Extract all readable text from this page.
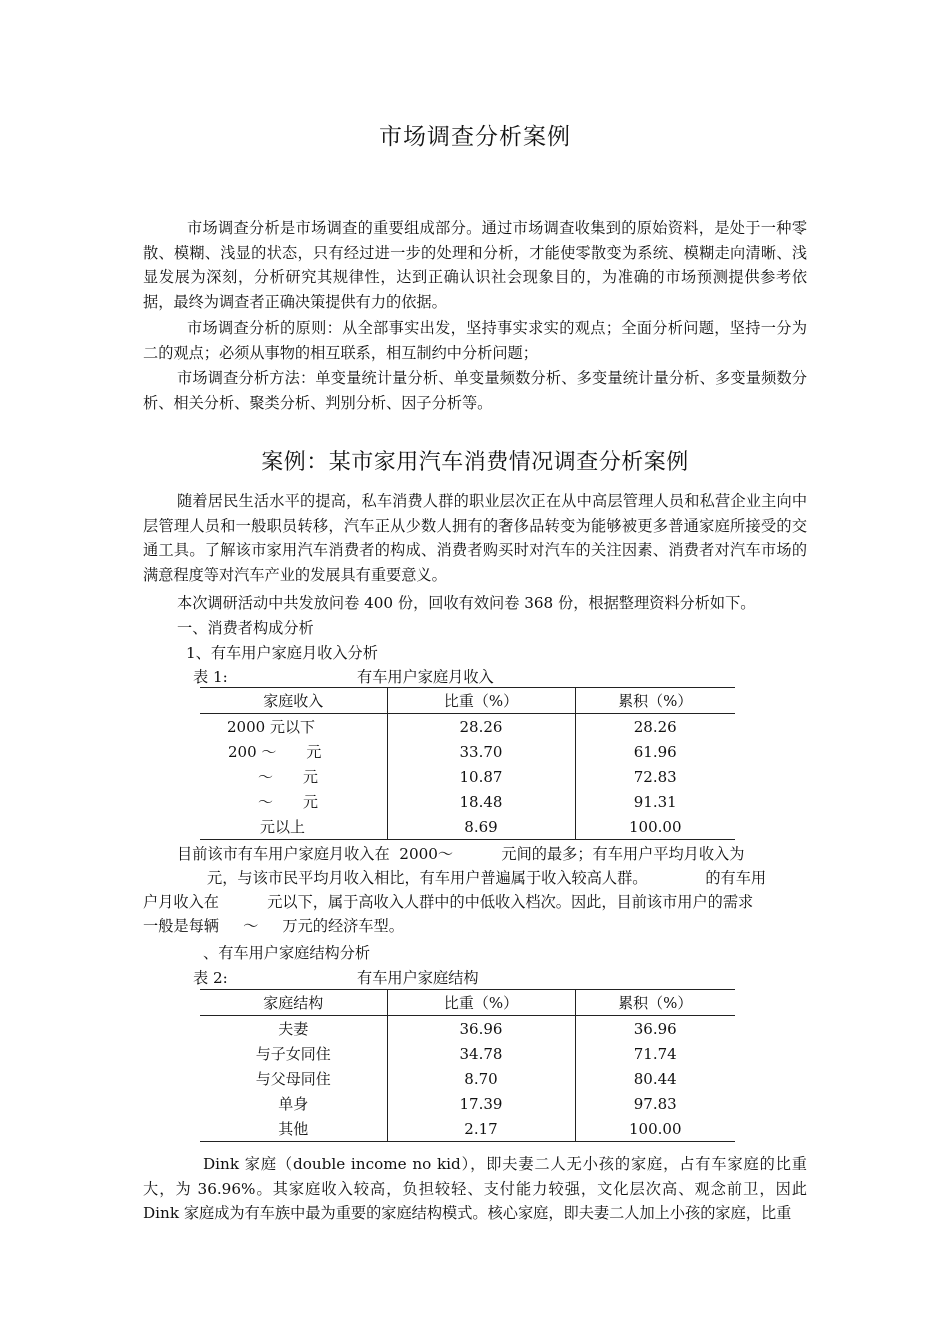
市场调查分析案例

市场调查分析是市场调查的重要组成部分。通过市场调查收集到的原始资料，是处于一种零散、模糊、浅显的状态，只有经过进一步的处理和分析，才能使零散变为系统、模糊走向清晰、浅显发展为深刻，分析研究其规律性，达到正确认识社会现象目的，为准确的市场预测提供参考依据，最终为调查者正确决策提供有力的依据。

市场调查分析的原则：从全部事实出发，坚持事实求实的观点；全面分析问题，坚持一分为二的观点；必须从事物的相互联系，相互制约中分析问题；

市场调查分析方法：单变量统计量分析、单变量频数分析、多变量统计量分析、多变量频数分析、相关分析、聚类分析、判别分析、因子分析等。

案例：某市家用汽车消费情况调查分析案例

随着居民生活水平的提高，私车消费人群的职业层次正在从中高层管理人员和私营企业主向中层管理人员和一般职员转移，汽车正从少数人拥有的奢侈品转变为能够被更多普通家庭所接受的交通工具。了解该市家用汽车消费者的构成、消费者购买时对汽车的关注因素、消费者对汽车市场的满意程度等对汽车产业的发展具有重要意义。

本次调研活动中共发放问卷 400 份，回收有效问卷 368 份，根据整理资料分析如下。

一、消费者构成分析

1、有车用户家庭月收入分析

表 1:	有车用户家庭月收入

家庭收入	比重（%）	累积（%）
2000 元以下	28.26	28.26
200 ～　　元	33.70	61.96
～　　元	10.87	72.83
～　　元	18.48	91.31
元以上	8.69	100.00

目前该市有车用户家庭月收入在  2000～          元间的最多；有车用户平均月收入为

元，与该市民平均月收入相比，有车用户普遍属于收入较高人群。            的有车用

户月收入在          元以下，属于高收入人群中的中低收入档次。因此，目前该市用户的需求

一般是每辆     ～     万元的经济车型。

、有车用户家庭结构分析

表 2:	有车用户家庭结构

家庭结构	比重（%）	累积（%）
夫妻	36.96	36.96
与子女同住	34.78	71.74
与父母同住	8.70	80.44
单身	17.39	97.83
其他	2.17	100.00

Dink 家庭（double income no kid），即夫妻二人无小孩的家庭，占有车家庭的比重大，为 36.96%。其家庭收入较高，负担较轻、支付能力较强，文化层次高、观念前卫，因此 Dink 家庭成为有车族中最为重要的家庭结构模式。核心家庭，即夫妻二人加上小孩的家庭，比重
